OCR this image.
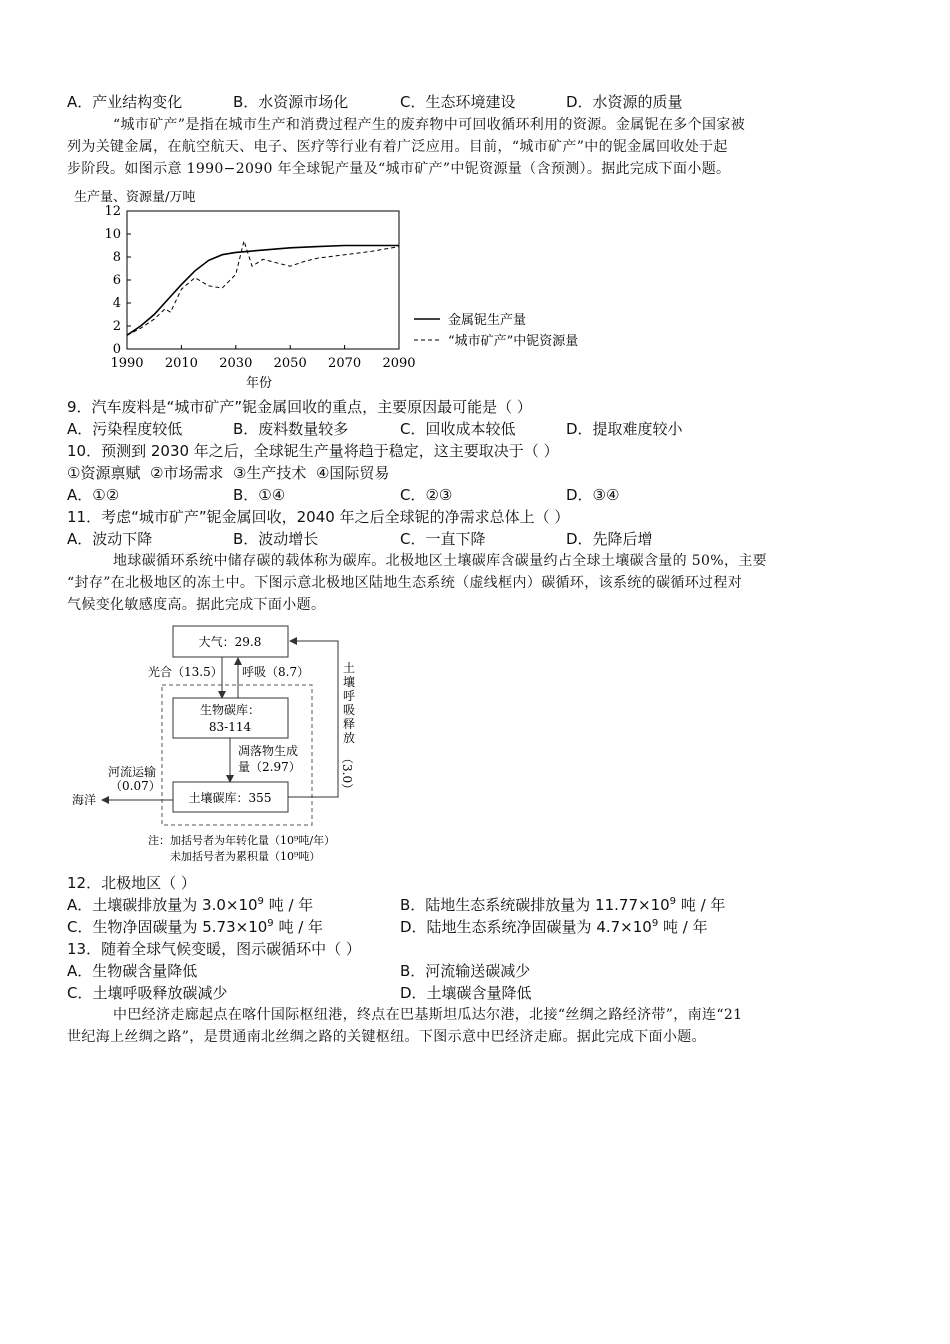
A．产业结构变化	B．水资源市场化	C．生态环境建设	D．水资源的质量
“城市矿产”是指在城市生产和消费过程产生的废弃物中可回收循环利用的资源。金属铌在多个国家被
列为关键金属，在航空航天、电子、医疗等行业有着广泛应用。目前，“城市矿产”中的铌金属回收处于起
步阶段。如图示意 1990−2090 年全球铌产量及“城市矿产”中铌资源量（含预测）。据此完成下面小题。
生产量、资源量/万吨
年份
0
2
4
6
8
10
12
1990 2010 2030 2050 2070 2090
金属铌生产量
“城市矿产”中铌资源量
9．汽车废料是“城市矿产”铌金属回收的重点，主要原因最可能是（ ）
A．污染程度较低	B．废料数量较多	C．回收成本较低	D．提取难度较小
10．预测到 2030 年之后，全球铌生产量将趋于稳定，这主要取决于（ ）
①资源禀赋  ②市场需求  ③生产技术  ④国际贸易
A．①②	B．①④	C．②③	D．③④
11．考虑“城市矿产”铌金属回收，2040 年之后全球铌的净需求总体上（ ）
A．波动下降	B．波动增长	C．一直下降	D．先降后增
地球碳循环系统中储存碳的载体称为碳库。北极地区土壤碳库含碳量约占全球土壤碳含量的 50%，主要
“封存”在北极地区的冻土中。下图示意北极地区陆地生态系统（虚线框内）碳循环，该系统的碳循环过程对
气候变化敏感度高。据此完成下面小题。
大气：29.8
光合（13.5） 呼吸（8.7）
生物碳库：
83-114
凋落物生成
量（2.97）
土壤碳库：355
土
壤
呼
吸
释
放
（3.0）
河流运输
（0.07）
海洋
注：加括号者为年转化量（10⁹吨/年）
未加括号者为累积量（10⁹吨）
12．北极地区（ ）
A．土壤碳排放量为 $3.0\times 10^9$ 吨 / 年	B．陆地生态系统碳排放量为 $11.77\times 10^9$ 吨 / 年
C．生物净固碳量为 $5.73\times 10^9$ 吨 / 年	D．陆地生态系统净固碳量为 $4.7\times 10^9$ 吨 / 年
13．随着全球气候变暖，图示碳循环中（ ）
A．生物碳含量降低	B．河流输送碳减少
C．土壤呼吸释放碳减少	D．土壤碳含量降低
中巴经济走廊起点在喀什国际枢纽港，终点在巴基斯坦瓜达尔港，北接“丝绸之路经济带”，南连“21
世纪海上丝绸之路”，是贯通南北丝绸之路的关键枢纽。下图示意中巴经济走廊。据此完成下面小题。
